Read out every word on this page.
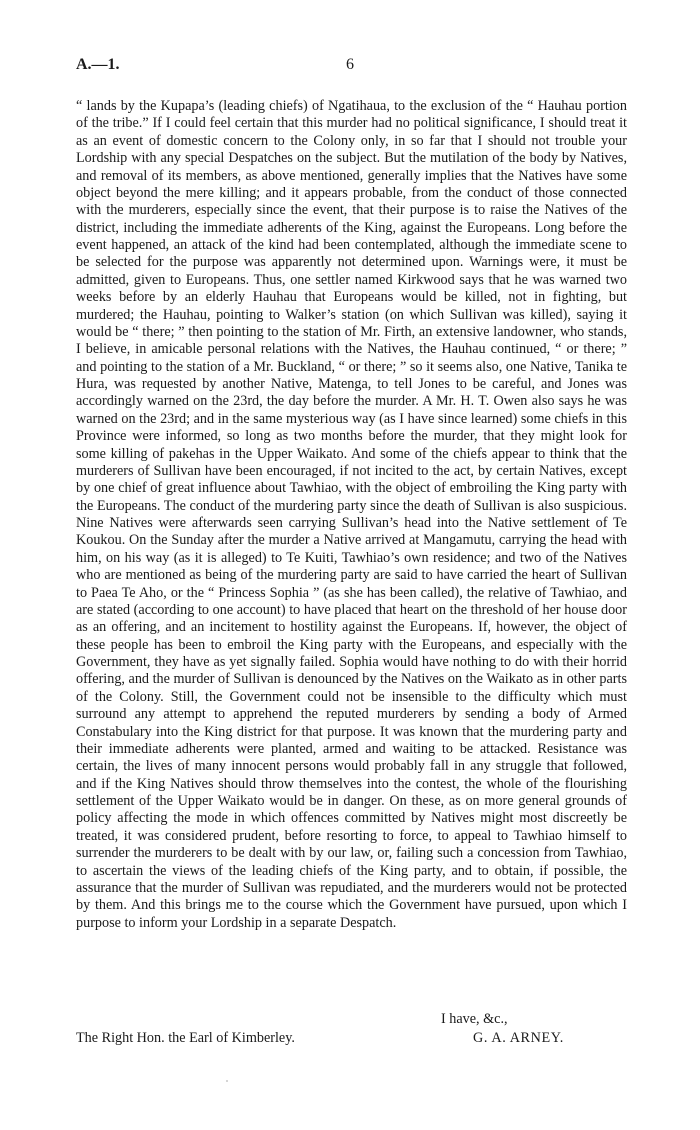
A.—1.	6

“ lands by the Kupapa’s (leading chiefs) of Ngatihaua, to the exclusion of the “ Hauhau portion of the tribe.” If I could feel certain that this murder had no political significance, I should treat it as an event of domestic concern to the Colony only, in so far that I should not trouble your Lordship with any special Despatches on the subject. But the mutilation of the body by Natives, and removal of its members, as above mentioned, generally implies that the Natives have some object beyond the mere killing; and it appears probable, from the conduct of those connected with the murderers, especially since the event, that their purpose is to raise the Natives of the district, including the immediate adherents of the King, against the Europeans. Long before the event happened, an attack of the kind had been contemplated, although the immediate scene to be selected for the purpose was apparently not determined upon. Warnings were, it must be admitted, given to Europeans. Thus, one settler named Kirkwood says that he was warned two weeks before by an elderly Hauhau that Europeans would be killed, not in fighting, but murdered; the Hauhau, pointing to Walker’s station (on which Sullivan was killed), saying it would be “ there; ” then pointing to the station of Mr. Firth, an extensive landowner, who stands, I believe, in amicable personal relations with the Natives, the Hauhau continued, “ or there; ” and pointing to the station of a Mr. Buckland, “ or there; ” so it seems also, one Native, Tanika te Hura, was requested by another Native, Matenga, to tell Jones to be careful, and Jones was accordingly warned on the 23rd, the day before the murder. A Mr. H. T. Owen also says he was warned on the 23rd; and in the same mysterious way (as I have since learned) some chiefs in this Province were informed, so long as two months before the murder, that they might look for some killing of pakehas in the Upper Waikato. And some of the chiefs appear to think that the murderers of Sullivan have been encouraged, if not incited to the act, by certain Natives, except by one chief of great influence about Tawhiao, with the object of embroiling the King party with the Europeans. The conduct of the murdering party since the death of Sullivan is also suspicious. Nine Natives were afterwards seen carrying Sullivan’s head into the Native settlement of Te Koukou. On the Sunday after the murder a Native arrived at Mangamutu, carrying the head with him, on his way (as it is alleged) to Te Kuiti, Tawhiao’s own residence; and two of the Natives who are mentioned as being of the murdering party are said to have carried the heart of Sullivan to Paea Te Aho, or the “ Princess Sophia ” (as she has been called), the relative of Tawhiao, and are stated (according to one account) to have placed that heart on the threshold of her house door as an offering, and an incitement to hostility against the Europeans. If, however, the object of these people has been to embroil the King party with the Europeans, and especially with the Government, they have as yet signally failed. Sophia would have nothing to do with their horrid offering, and the murder of Sullivan is denounced by the Natives on the Waikato as in other parts of the Colony. Still, the Government could not be insensible to the difficulty which must surround any attempt to apprehend the reputed murderers by sending a body of Armed Constabulary into the King district for that purpose. It was known that the murdering party and their immediate adherents were planted, armed and waiting to be attacked. Resistance was certain, the lives of many innocent persons would probably fall in any struggle that followed, and if the King Natives should throw themselves into the contest, the whole of the flourishing settlement of the Upper Waikato would be in danger. On these, as on more general grounds of policy affecting the mode in which offences committed by Natives might most discreetly be treated, it was considered prudent, before resorting to force, to appeal to Tawhiao himself to surrender the murderers to be dealt with by our law, or, failing such a concession from Tawhiao, to ascertain the views of the leading chiefs of the King party, and to obtain, if possible, the assurance that the murder of Sullivan was repudiated, and the murderers would not be protected by them. And this brings me to the course which the Government have pursued, upon which I purpose to inform your Lordship in a separate Despatch.

I have, &c.,
The Right Hon. the Earl of Kimberley.	G. A. ARNEY.
